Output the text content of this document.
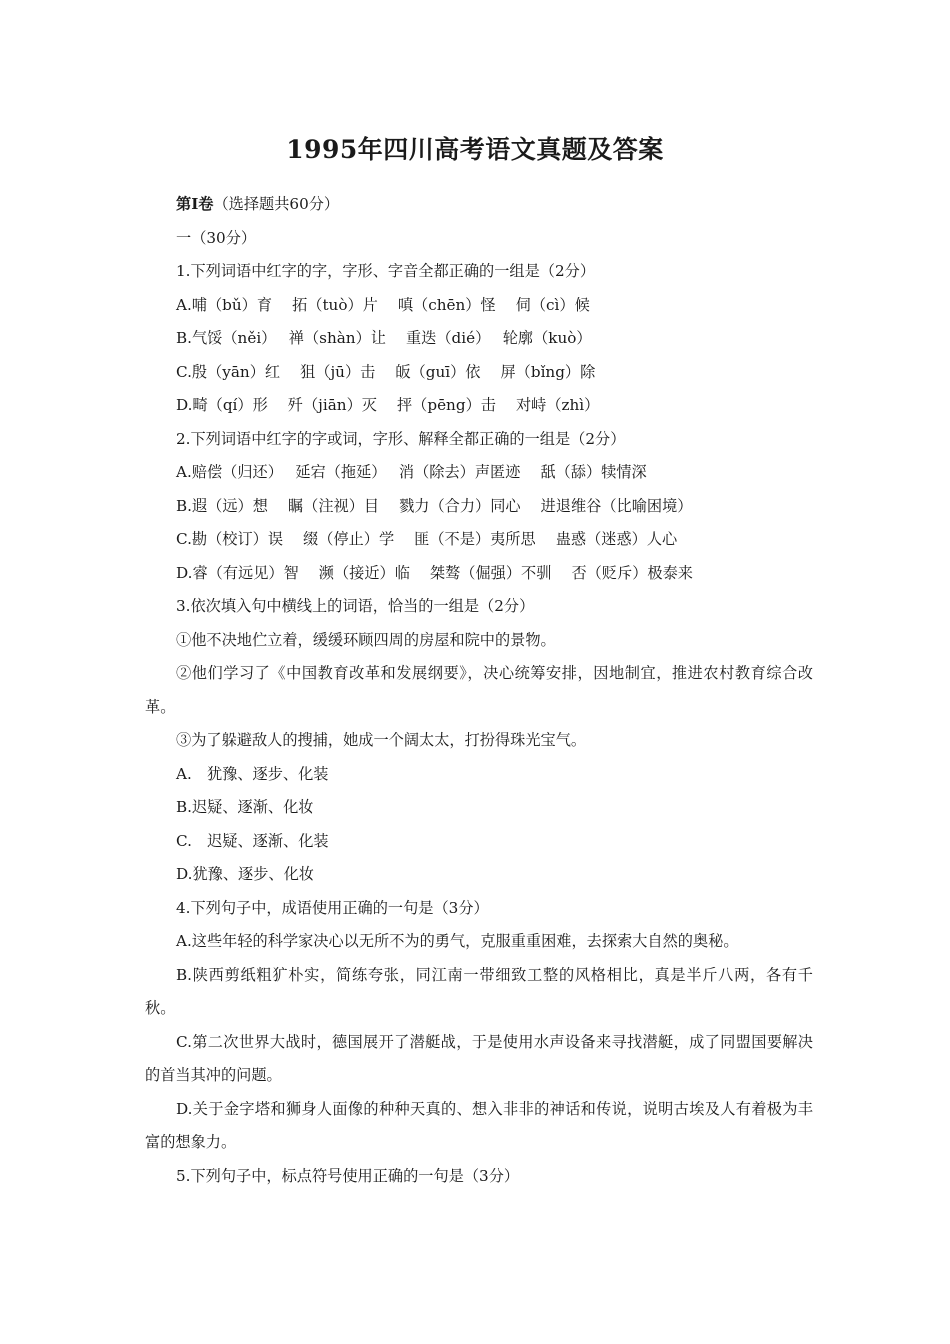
1995年四川高考语文真题及答案
第Ⅰ卷（选择题共60分）
一（30分）
1.下列词语中红字的字，字形、字音全都正确的一组是（2分）
A.哺（bǔ）育　 拓（tuò）片　 嗔（chēn）怪　 伺（cì）候
B.气馁（něi）　 禅（shàn）让　 重迭（dié）　 轮廓（kuò）
C.殷（yān）红　 狙（jū）击　 皈（guī）依　 屏（bǐng）除
D.畸（qí）形　 歼（jiān）灭　 抨（pēng）击　 对峙（zhì）
2.下列词语中红字的字或词，字形、解释全都正确的一组是（2分）
A.赔偿（归还）　 延宕（拖延）　 消（除去）声匿迹　 舐（舔）犊情深
B.遐（远）想　 瞩（注视）目　 戮力（合力）同心　 进退维谷（比喻困境）
C.勘（校订）误　 缀（停止）学　 匪（不是）夷所思　 蛊惑（迷惑）人心
D.睿（有远见）智　 濒（接近）临　 桀骜（倔强）不驯　 否（贬斥）极泰来
3.依次填入句中横线上的词语，恰当的一组是（2分）
①他不决地伫立着，缓缓环顾四周的房屋和院中的景物。
②他们学习了《中国教育改革和发展纲要》，决心统筹安排，因地制宜，推进农村教育综合改革。
③为了躲避敌人的搜捕，她成一个阔太太，打扮得珠光宝气。
A.　犹豫、逐步、化装
B.迟疑、逐渐、化妆
C.　迟疑、逐渐、化装
D.犹豫、逐步、化妆
4.下列句子中，成语使用正确的一句是（3分）
A.这些年轻的科学家决心以无所不为的勇气，克服重重困难，去探索大自然的奥秘。
B.陕西剪纸粗犷朴实，简练夸张，同江南一带细致工整的风格相比，真是半斤八两，各有千秋。
C.第二次世界大战时，德国展开了潜艇战，于是使用水声设备来寻找潜艇，成了同盟国要解决的首当其冲的问题。
D.关于金字塔和狮身人面像的种种天真的、想入非非的神话和传说，说明古埃及人有着极为丰富的想象力。
5.下列句子中，标点符号使用正确的一句是（3分）
